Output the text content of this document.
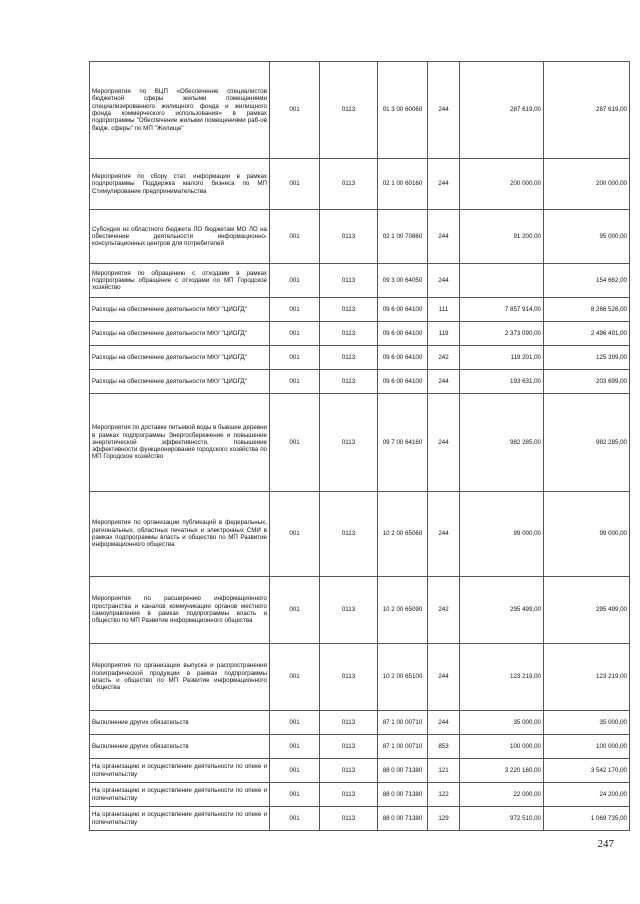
Мероприятия по ВЦП «Обеспечение специалистов бюджетной сферы жилыми помещениями специализированного жилищного фонда и жилищного фонда коммерческого использования» в рамках подпрограммы "Обеспечение жилыми помещениями раб-ов бюдж. сферы" по МП "Жилище"	001	0113	01 3 00 60060	244	287 619,00	287 619,00
Мероприятия по сбору стат. информации в рамках подпрограммы Поддержка малого бизнеса по МП Стимулирование предпринимательства	001	0113	02 1 00 60160	244	200 000,00	200 000,00
Субсидия из областного бюджета ЛО бюджетам МО ЛО на обеспечение деятельности информационно-консультационных центров для потребителей	001	0113	02 1 00 70860	244	91 200,00	95 000,00
Мероприятия по обращению с отходами в рамках подпрограммы обращение с отходами по МП Городское хозяйство	001	0113	09 3 00 64050	244		154 662,00
Расходы на обеспечение деятельности МКУ "ЦИОГД"	001	0113	09 6 00 64100	111	7 857 914,00	8 266 526,00
Расходы на обеспечение деятельности МКУ "ЦИОГД"	001	0113	09 6 00 64100	119	2 373 090,00	2 496 491,00
Расходы на обеспечение деятельности МКУ "ЦИОГД"	001	0113	09 6 00 64100	242	119 201,00	125 399,00
Расходы на обеспечение деятельности МКУ "ЦИОГД"	001	0113	09 6 00 64100	244	193 631,00	203 699,00
Мероприятия по доставке питьевой воды в бывшие деревни в рамках подпрограммы Энергосбережение и повышение энергетической эффективности, повышение эффективности функционирования городского хозяйства по МП Городское хозяйство	001	0113	09 7 00 64160	244	982 285,00	982 285,00
Мероприятия по организации публикаций в федеральных, региональных, областных печатных и электронных СМИ в рамках подпрограммы власть и общество по МП Развитие информационного общества	001	0113	10 2 00 65060	244	99 000,00	99 000,00
Мероприятия по расширению информационного пространства и каналов коммуникации органов местного самоуправления в рамках подпрограммы власть и общество по МП Развитие информационного общества	001	0113	10 2 00 65090	242	295 499,00	295 499,00
Мероприятия по организации выпуска и распространения полиграфической продукции в рамках подпрограммы власть и общество по МП Развитие информационного общества	001	0113	10 2 00 65100	244	123 219,00	123 219,00
Выполнение других обязательств	001	0113	87 1 00 00710	244	35 000,00	35 000,00
Выполнение других обязательств	001	0113	87 1 00 00710	853	100 000,00	100 000,00
На организацию и осуществление деятельности по опеке и попечительству	001	0113	88 0 00 71380	121	3 220 160,00	3 542 170,00
На организацию и осуществление деятельности по опеке и попечительству	001	0113	88 0 00 71380	122	22 000,00	24 200,00
На организацию и осуществление деятельности по опеке и попечительству	001	0113	88 0 00 71380	129	972 510,00	1 069 735,00
247
